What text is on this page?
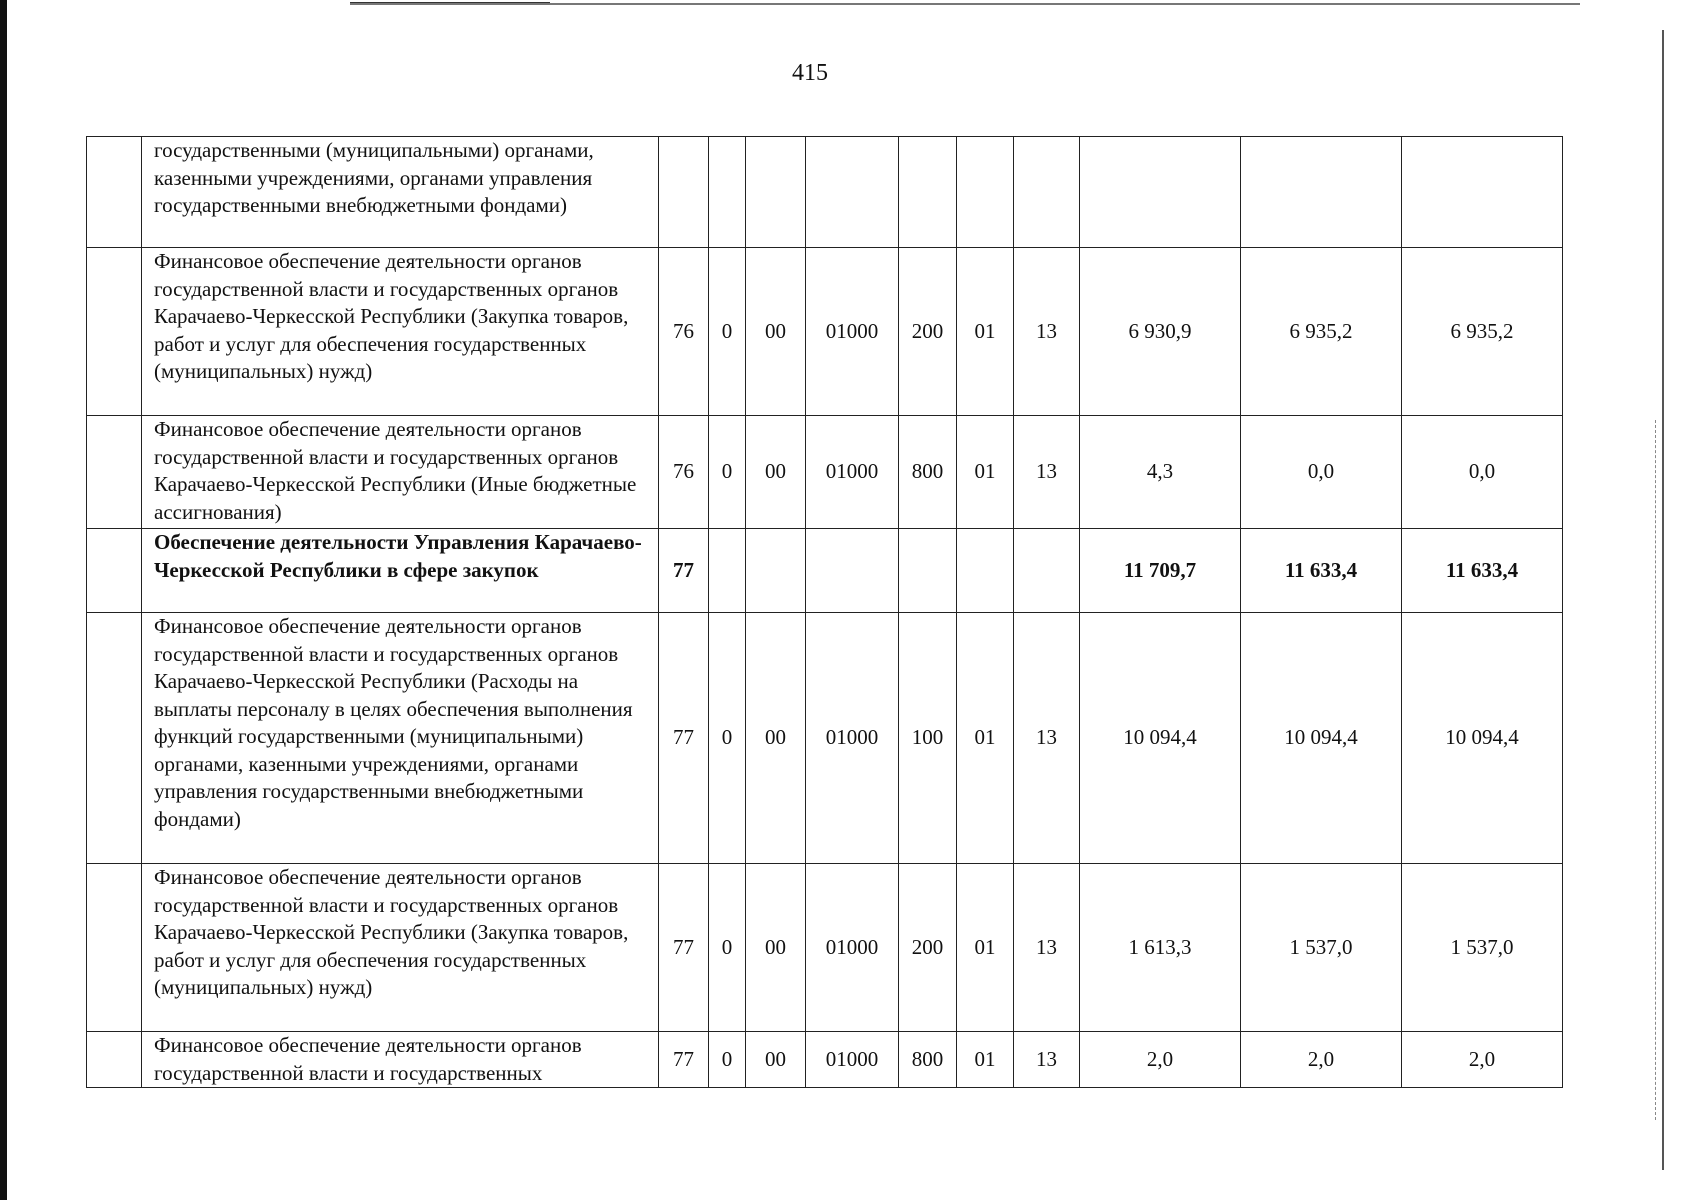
415
	государственными (муниципальными) органами, казенными учреждениями, органами управления государственными внебюджетными фондами)										
	Финансовое обеспечение деятельности органов государственной власти и государственных органов Карачаево-Черкесской Республики (Закупка товаров, работ и услуг для обеспечения государственных (муниципальных) нужд)	76	0	00	01000	200	01	13	6 930,9	6 935,2	6 935,2
	Финансовое обеспечение деятельности органов государственной власти и государственных органов Карачаево-Черкесской Республики (Иные бюджетные ассигнования)	76	0	00	01000	800	01	13	4,3	0,0	0,0
	Обеспечение деятельности Управления Карачаево-Черкесской Республики в сфере закупок	77							11 709,7	11 633,4	11 633,4
	Финансовое обеспечение деятельности органов государственной власти и государственных органов Карачаево-Черкесской Республики (Расходы на выплаты персоналу в целях обеспечения выполнения функций государственными (муниципальными) органами, казенными учреждениями, органами управления государственными внебюджетными фондами)	77	0	00	01000	100	01	13	10 094,4	10 094,4	10 094,4
	Финансовое обеспечение деятельности органов государственной власти и государственных органов Карачаево-Черкесской Республики (Закупка товаров, работ и услуг для обеспечения государственных (муниципальных) нужд)	77	0	00	01000	200	01	13	1 613,3	1 537,0	1 537,0
	Финансовое обеспечение деятельности органов государственной власти и государственных	77	0	00	01000	800	01	13	2,0	2,0	2,0
